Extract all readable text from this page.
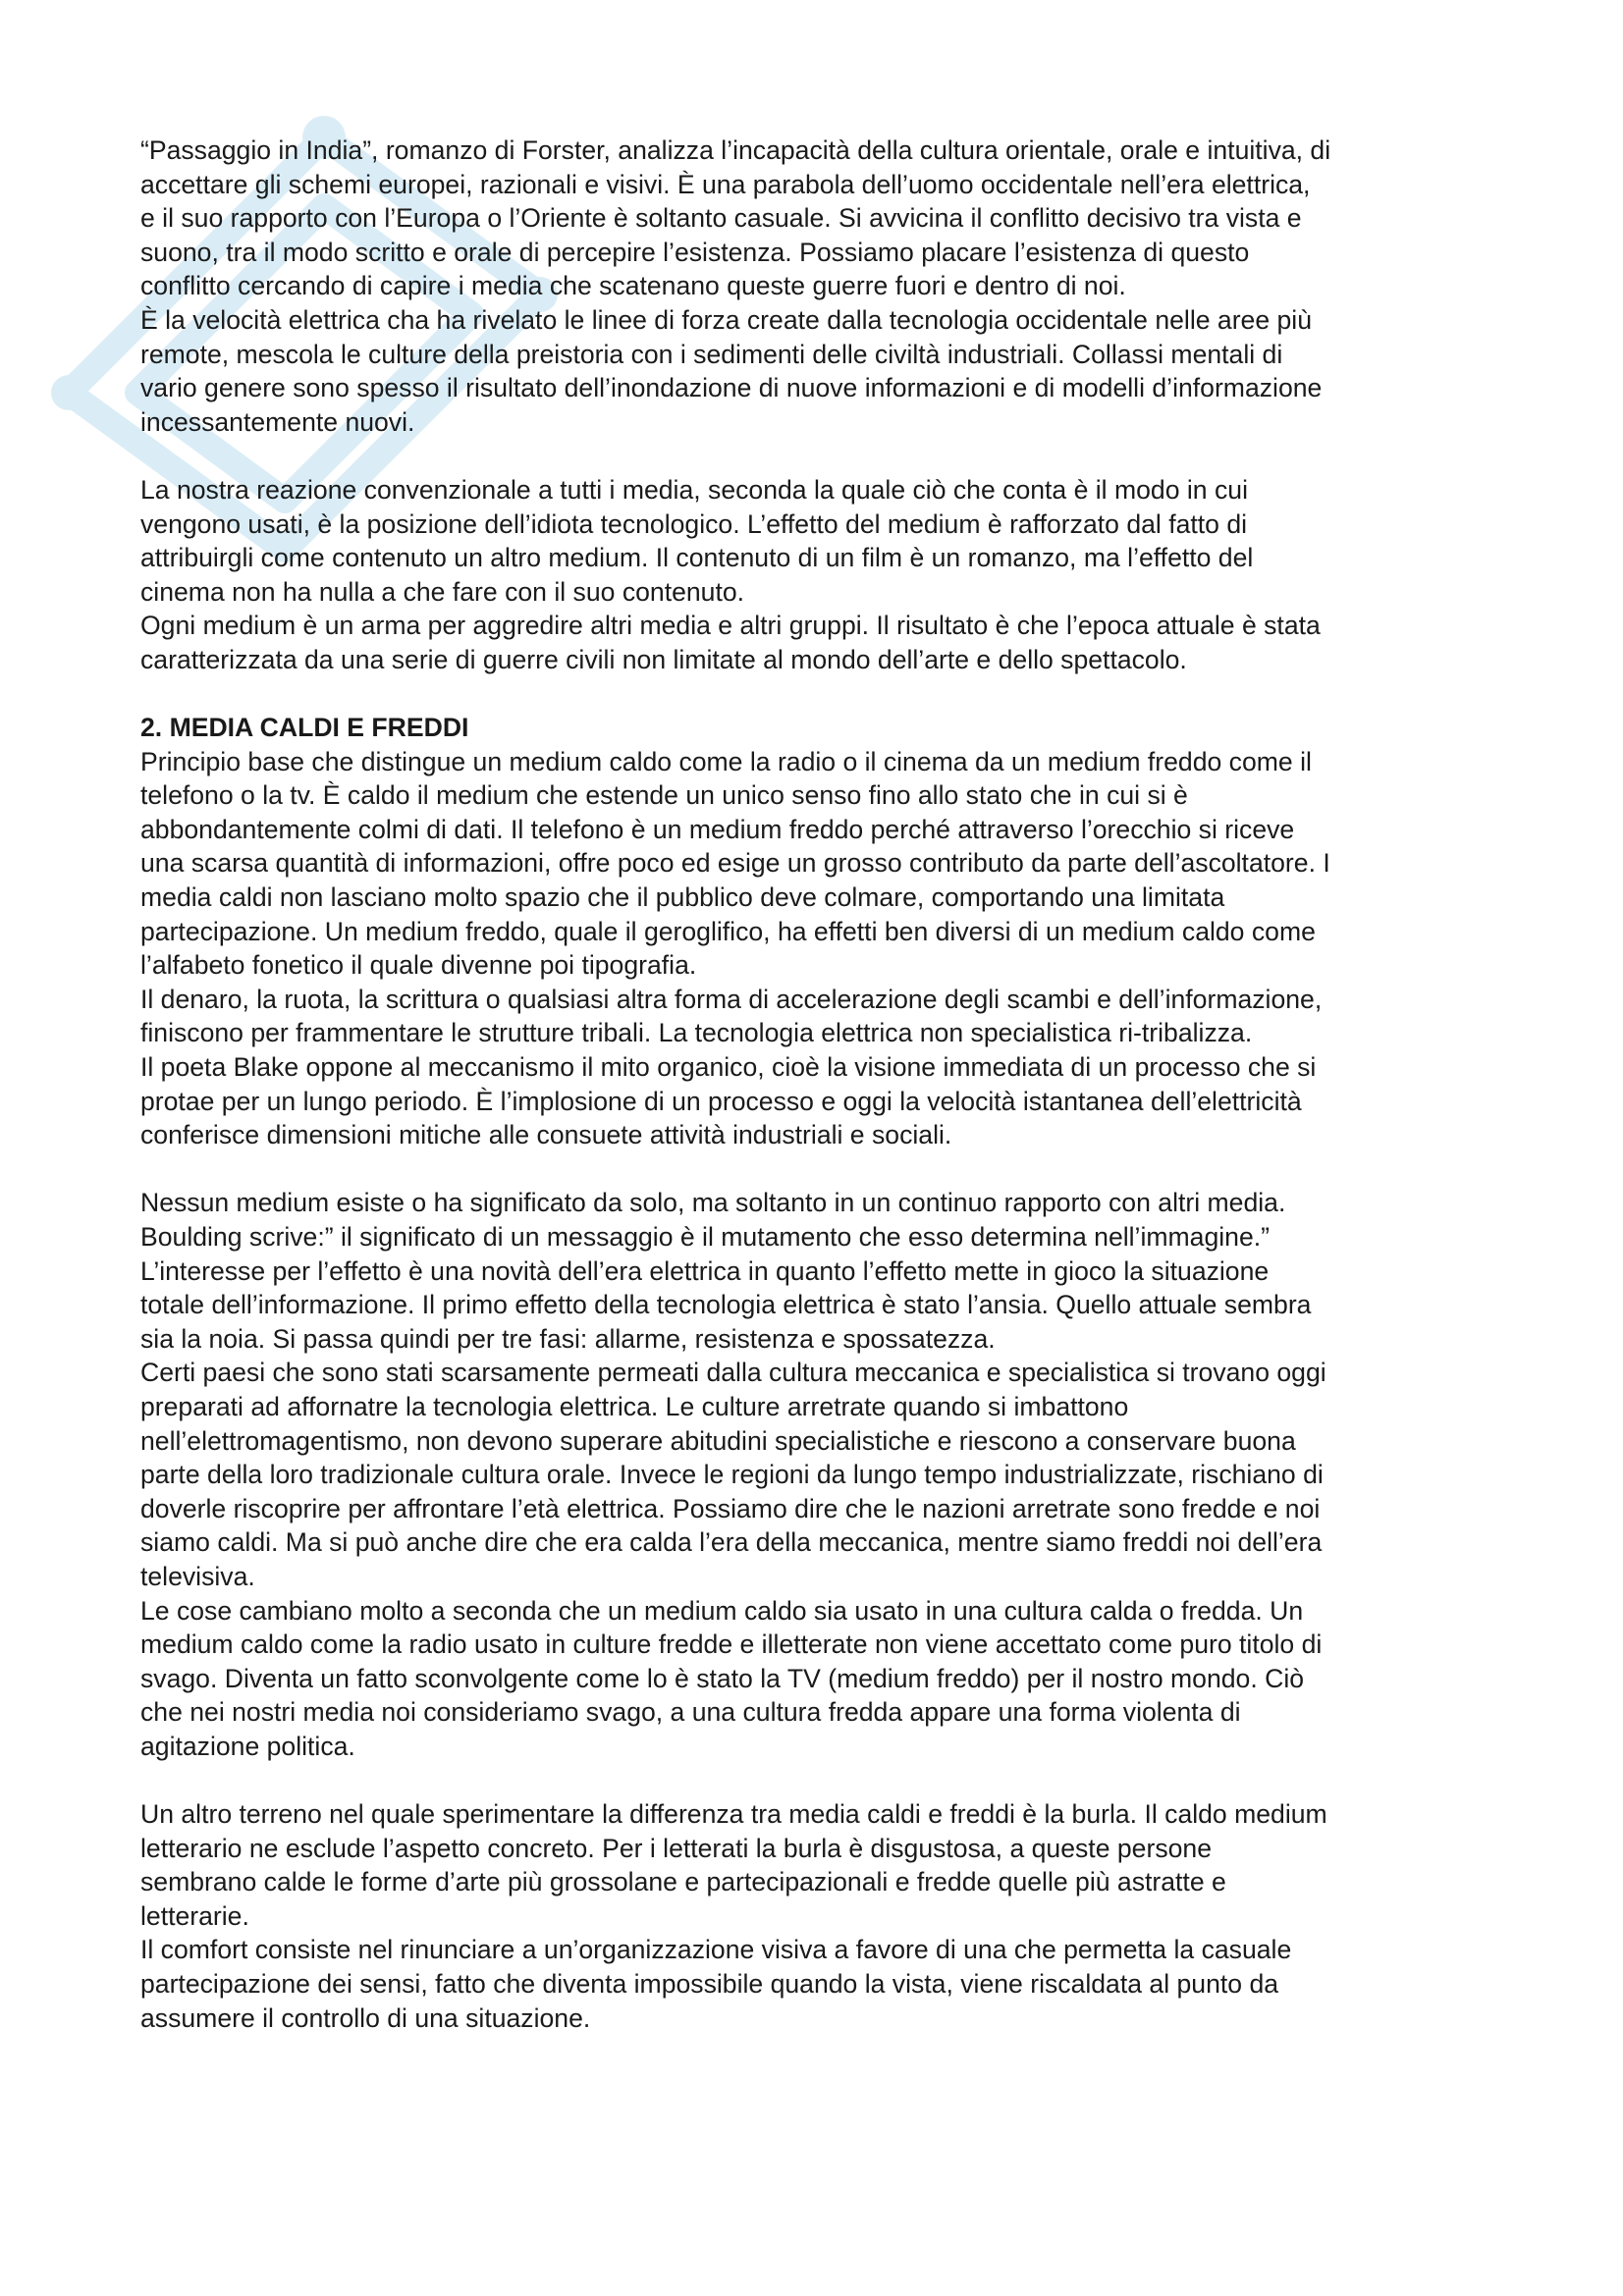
“Passaggio in India”, romanzo di Forster, analizza l’incapacità della cultura orientale, orale e intuitiva, di
accettare gli schemi europei, razionali e visivi. È una parabola dell’uomo occidentale nell’era elettrica,
e il suo rapporto con l’Europa o l’Oriente è soltanto casuale. Si avvicina il conflitto decisivo tra vista e
suono, tra il modo scritto e orale di percepire l’esistenza. Possiamo placare l’esistenza di questo
conflitto cercando di capire i media che scatenano queste guerre fuori e dentro di noi.
È la velocità elettrica cha ha rivelato le linee di forza create dalla tecnologia occidentale nelle aree più
remote, mescola le culture della preistoria con i sedimenti delle civiltà industriali. Collassi mentali di
vario genere sono spesso il risultato dell’inondazione di nuove informazioni e di modelli d’informazione
incessantemente nuovi.
La nostra reazione convenzionale a tutti i media, seconda la quale ciò che conta è il modo in cui
vengono usati, è la posizione dell’idiota tecnologico. L’effetto del medium è rafforzato dal fatto di
attribuirgli come contenuto un altro medium. Il contenuto di un film è un romanzo, ma l’effetto del
cinema non ha nulla a che fare con il suo contenuto.
Ogni medium è un arma per aggredire altri media e altri gruppi. Il risultato è che l’epoca attuale è stata
caratterizzata da una serie di guerre civili non limitate al mondo dell’arte e dello spettacolo.
2. MEDIA CALDI E FREDDI
Principio base che distingue un medium caldo come la radio o il cinema da un medium freddo come il
telefono o la tv. È caldo il medium che estende un unico senso fino allo stato che in cui si è
abbondantemente colmi di dati. Il telefono è un medium freddo perché attraverso l’orecchio si riceve
una scarsa quantità di informazioni, offre poco ed esige un grosso contributo da parte dell’ascoltatore. I
media caldi non lasciano molto spazio che il pubblico deve colmare, comportando una limitata
partecipazione. Un medium freddo, quale il geroglifico, ha effetti ben diversi di un medium caldo come
l’alfabeto fonetico il quale divenne poi tipografia.
Il denaro, la ruota, la scrittura o qualsiasi altra forma di accelerazione degli scambi e dell’informazione,
finiscono per frammentare le strutture tribali. La tecnologia elettrica non specialistica ri-tribalizza.
Il poeta Blake oppone al meccanismo il mito organico, cioè la visione immediata di un processo che si
protae per un lungo periodo. È l’implosione di un processo e oggi la velocità istantanea dell’elettricità
conferisce dimensioni mitiche alle consuete attività industriali e sociali.
Nessun medium esiste o ha significato da solo, ma soltanto in un continuo rapporto con altri media.
Boulding scrive:” il significato di un messaggio è il mutamento che esso determina nell’immagine.”
L’interesse per l’effetto è una novità dell’era elettrica in quanto l’effetto mette in gioco la situazione
totale dell’informazione. Il primo effetto della tecnologia elettrica è stato l’ansia. Quello attuale sembra
sia la noia. Si passa quindi per tre fasi: allarme, resistenza e spossatezza.
Certi paesi che sono stati scarsamente permeati dalla cultura meccanica e specialistica si trovano oggi
preparati ad affornatre la tecnologia elettrica. Le culture arretrate quando si imbattono
nell’elettromagentismo, non devono superare abitudini specialistiche e riescono a conservare buona
parte della loro tradizionale cultura orale. Invece le regioni da lungo tempo industrializzate, rischiano di
doverle riscoprire per affrontare l’età elettrica. Possiamo dire che le nazioni arretrate sono fredde e noi
siamo caldi. Ma si può anche dire che era calda l’era della meccanica, mentre siamo freddi noi dell’era
televisiva.
Le cose cambiano molto a seconda che un medium caldo sia usato in una cultura calda o fredda. Un
medium caldo come la radio usato in culture fredde e illetterate non viene accettato come puro titolo di
svago. Diventa un fatto sconvolgente come lo è stato la TV (medium freddo) per il nostro mondo. Ciò
che nei nostri media noi consideriamo svago, a una cultura fredda appare una forma violenta di
agitazione politica.
Un altro terreno nel quale sperimentare la differenza tra media caldi e freddi è la burla. Il caldo medium
letterario ne esclude l’aspetto concreto. Per i letterati la burla è disgustosa, a queste persone
sembrano calde le forme d’arte più grossolane e partecipazionali e fredde quelle più astratte e
letterarie.
Il comfort consiste nel rinunciare a un’organizzazione visiva a favore di una che permetta la casuale
partecipazione dei sensi, fatto che diventa impossibile quando la vista, viene riscaldata al punto da
assumere il controllo di una situazione.
